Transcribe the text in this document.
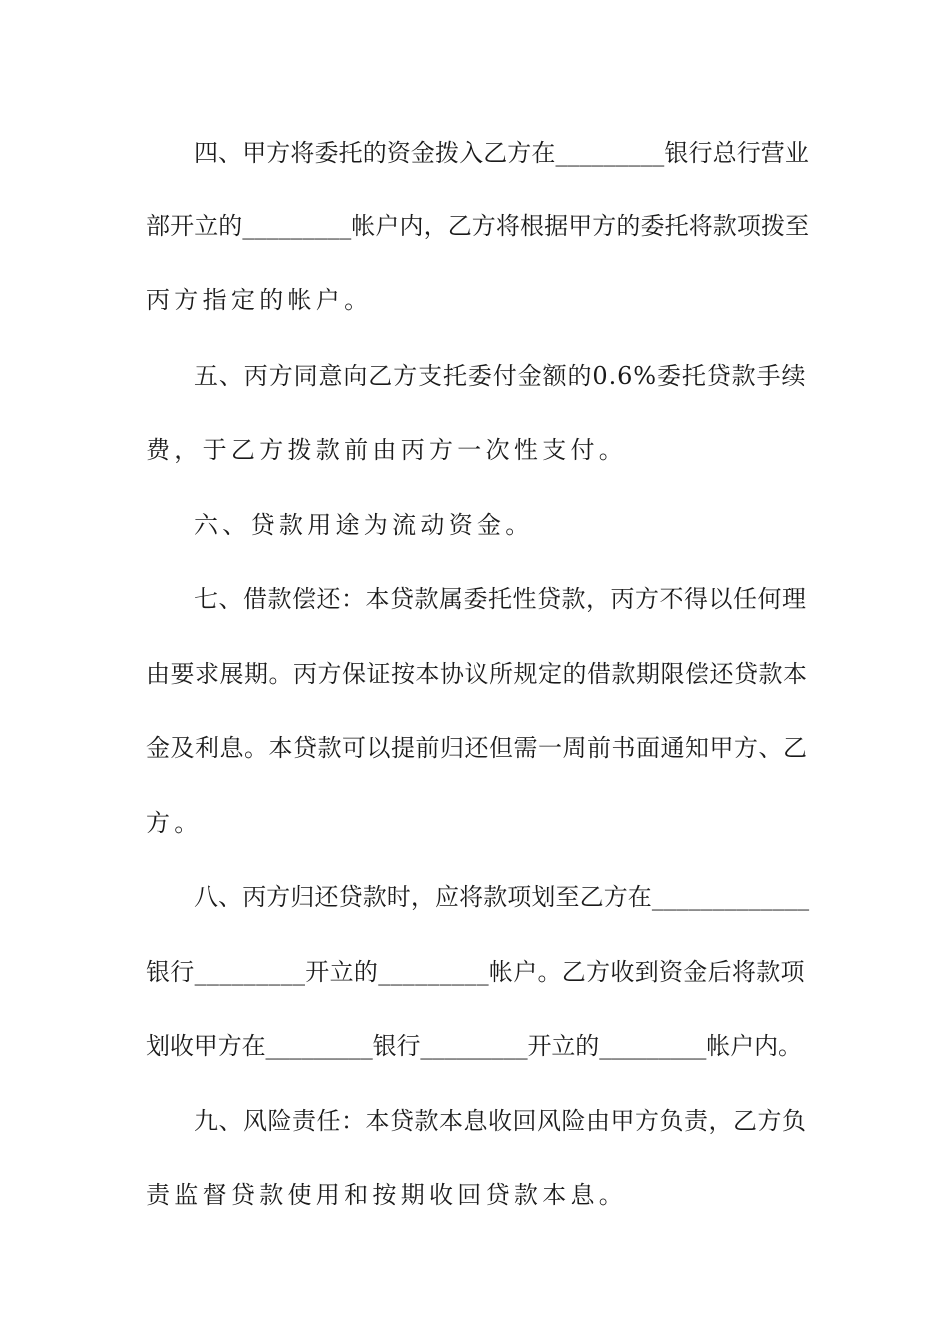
四、甲方将委托的资金拨入乙方在_________银行总行营业
部开立的_________帐户内，乙方将根据甲方的委托将款项拨至
丙方指定的帐户。
五、丙方同意向乙方支托委付金额的0.6%委托贷款手续
费，于乙方拨款前由丙方一次性支付。
六、贷款用途为流动资金。
七、借款偿还：本贷款属委托性贷款，丙方不得以任何理
由要求展期。丙方保证按本协议所规定的借款期限偿还贷款本
金及利息。本贷款可以提前归还但需一周前书面通知甲方、乙
方。
八、丙方归还贷款时，应将款项划至乙方在_____________
银行_________开立的_________帐户。乙方收到资金后将款项
划收甲方在_________银行_________开立的_________帐户内。
九、风险责任：本贷款本息收回风险由甲方负责，乙方负
责监督贷款使用和按期收回贷款本息。
